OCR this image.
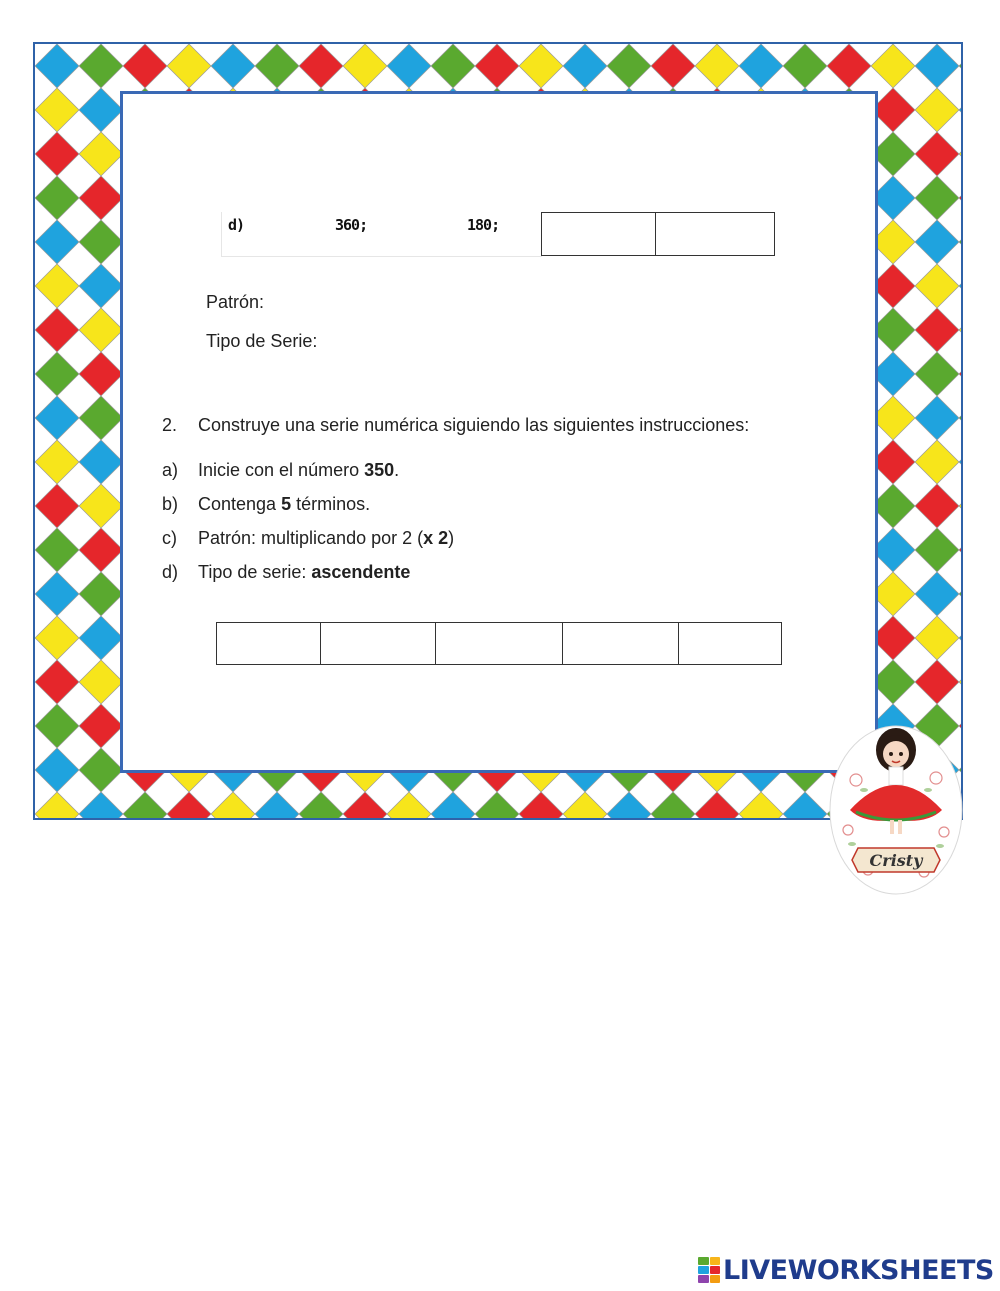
d)	360;	180;
Patrón:
Tipo de Serie:
2. Construye una serie numérica siguiendo las siguientes instrucciones:
a) Inicie con el número 350.
b) Contenga 5 términos.
c) Patrón: multiplicando por 2 (x 2)
d) Tipo de serie: ascendente
Cristy
LIVEWORKSHEETS
